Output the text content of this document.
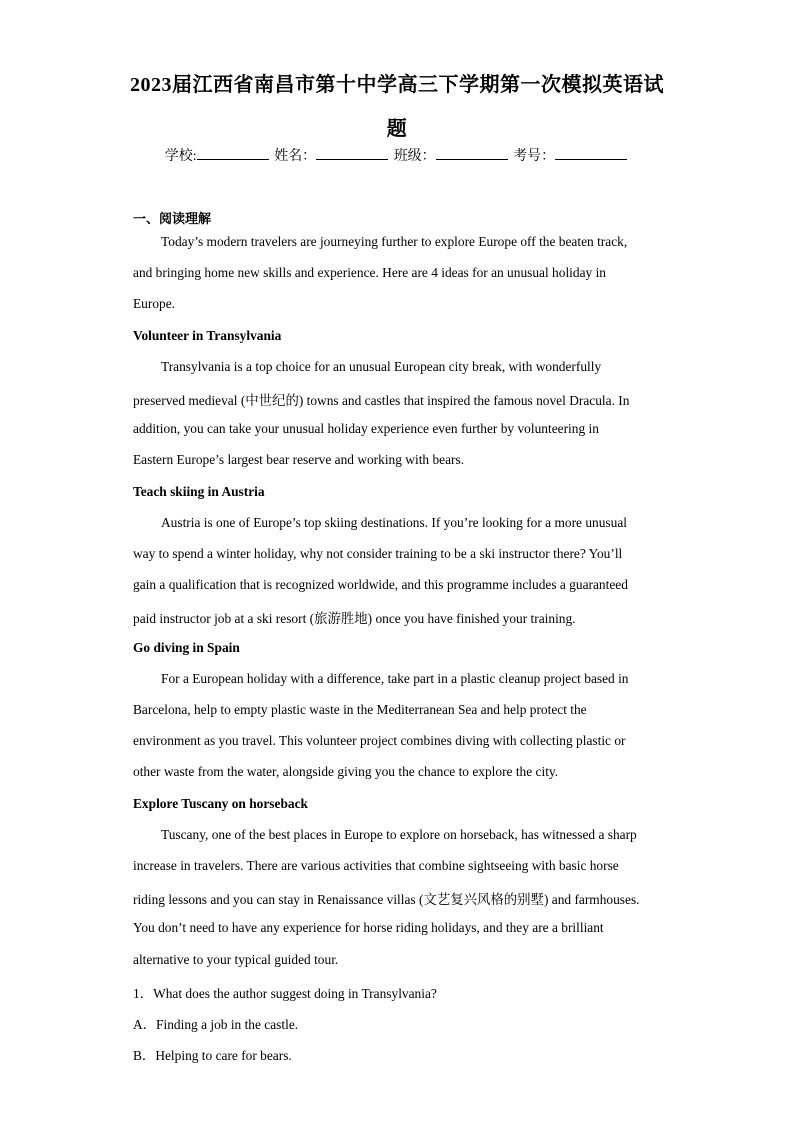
2023届江西省南昌市第十中学高三下学期第一次模拟英语试
题
学校:	姓名：	班级：	考号：
一、阅读理解
Today’s modern travelers are journeying further to explore Europe off the beaten track,
and bringing home new skills and experience. Here are 4 ideas for an unusual holiday in
Europe.
Volunteer in Transylvania
Transylvania is a top choice for an unusual European city break, with wonderfully
preserved medieval (中世纪的) towns and castles that inspired the famous novel Dracula. In
addition, you can take your unusual holiday experience even further by volunteering in
Eastern Europe’s largest bear reserve and working with bears.
Teach skiing in Austria
Austria is one of Europe’s top skiing destinations. If you’re looking for a more unusual
way to spend a winter holiday, why not consider training to be a ski instructor there? You’ll
gain a qualification that is recognized worldwide, and this programme includes a guaranteed
paid instructor job at a ski resort (旅游胜地) once you have finished your training.
Go diving in Spain
For a European holiday with a difference, take part in a plastic cleanup project based in
Barcelona, help to empty plastic waste in the Mediterranean Sea and help protect the
environment as you travel. This volunteer project combines diving with collecting plastic or
other waste from the water, alongside giving you the chance to explore the city.
Explore Tuscany on horseback
Tuscany, one of the best places in Europe to explore on horseback, has witnessed a sharp
increase in travelers. There are various activities that combine sightseeing with basic horse
riding lessons and you can stay in Renaissance villas (文艺复兴风格的别墅) and farmhouses.
You don’t need to have any experience for horse riding holidays, and they are a brilliant
alternative to your typical guided tour.
1．What does the author suggest doing in Transylvania?
A．Finding a job in the castle.
B．Helping to care for bears.
